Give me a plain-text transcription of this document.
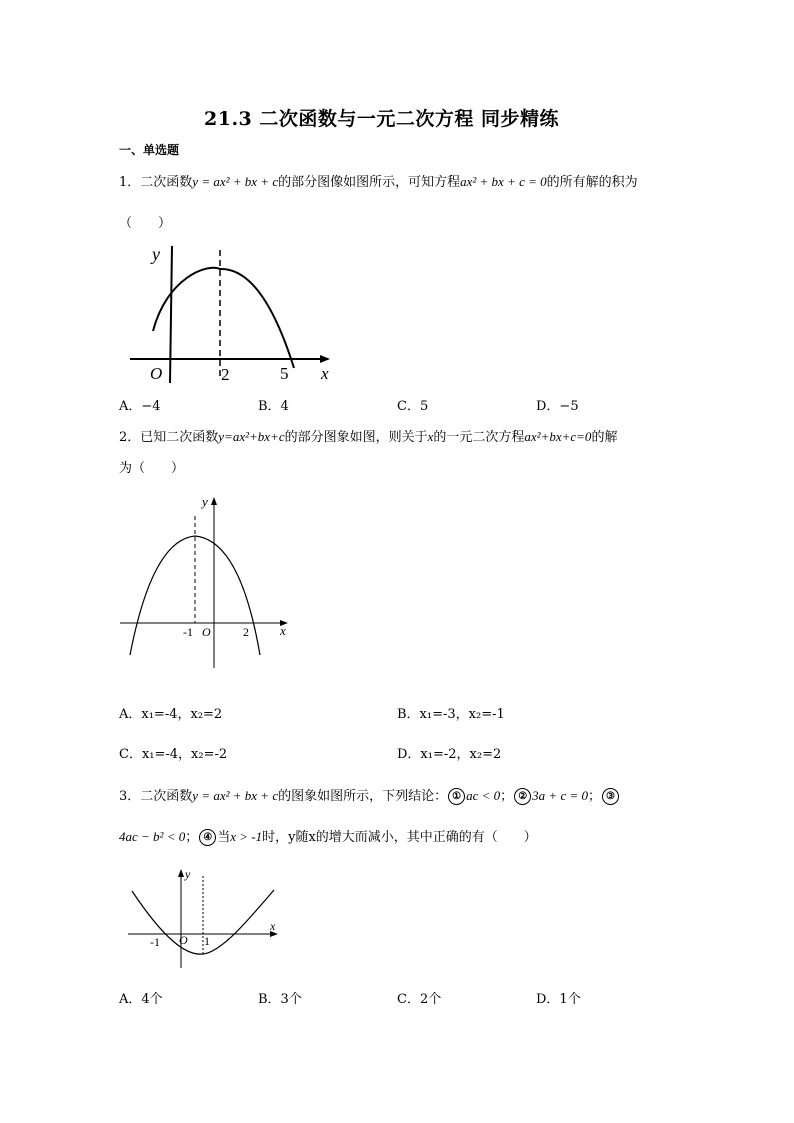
21.3 二次函数与一元二次方程 同步精练
一、单选题
1．二次函数y = ax² + bx + c的部分图像如图所示，可知方程ax² + bx + c = 0的所有解的积为
（　　）
y
O	2	5 x
A．−4	B．4	C．5	D．−5
2．已知二次函数y=ax²+bx+c的部分图象如图，则关于x的一元二次方程ax²+bx+c=0的解
为（　　）
y
-1 O	2 x
A．x₁=-4，x₂=2	B．x₁=-3，x₂=-1
C．x₁=-4，x₂=-2	D．x₁=-2，x₂=2
3．二次函数y = ax² + bx + c的图象如图所示，下列结论： ① ac < 0； ② 3a + c = 0； ③
4ac − b² < 0； ④ 当x > -1时，y随x的增大而减小，其中正确的有（　　）
y
-1 O 1
x
A．4个	B．3个	C．2个	D．1个
